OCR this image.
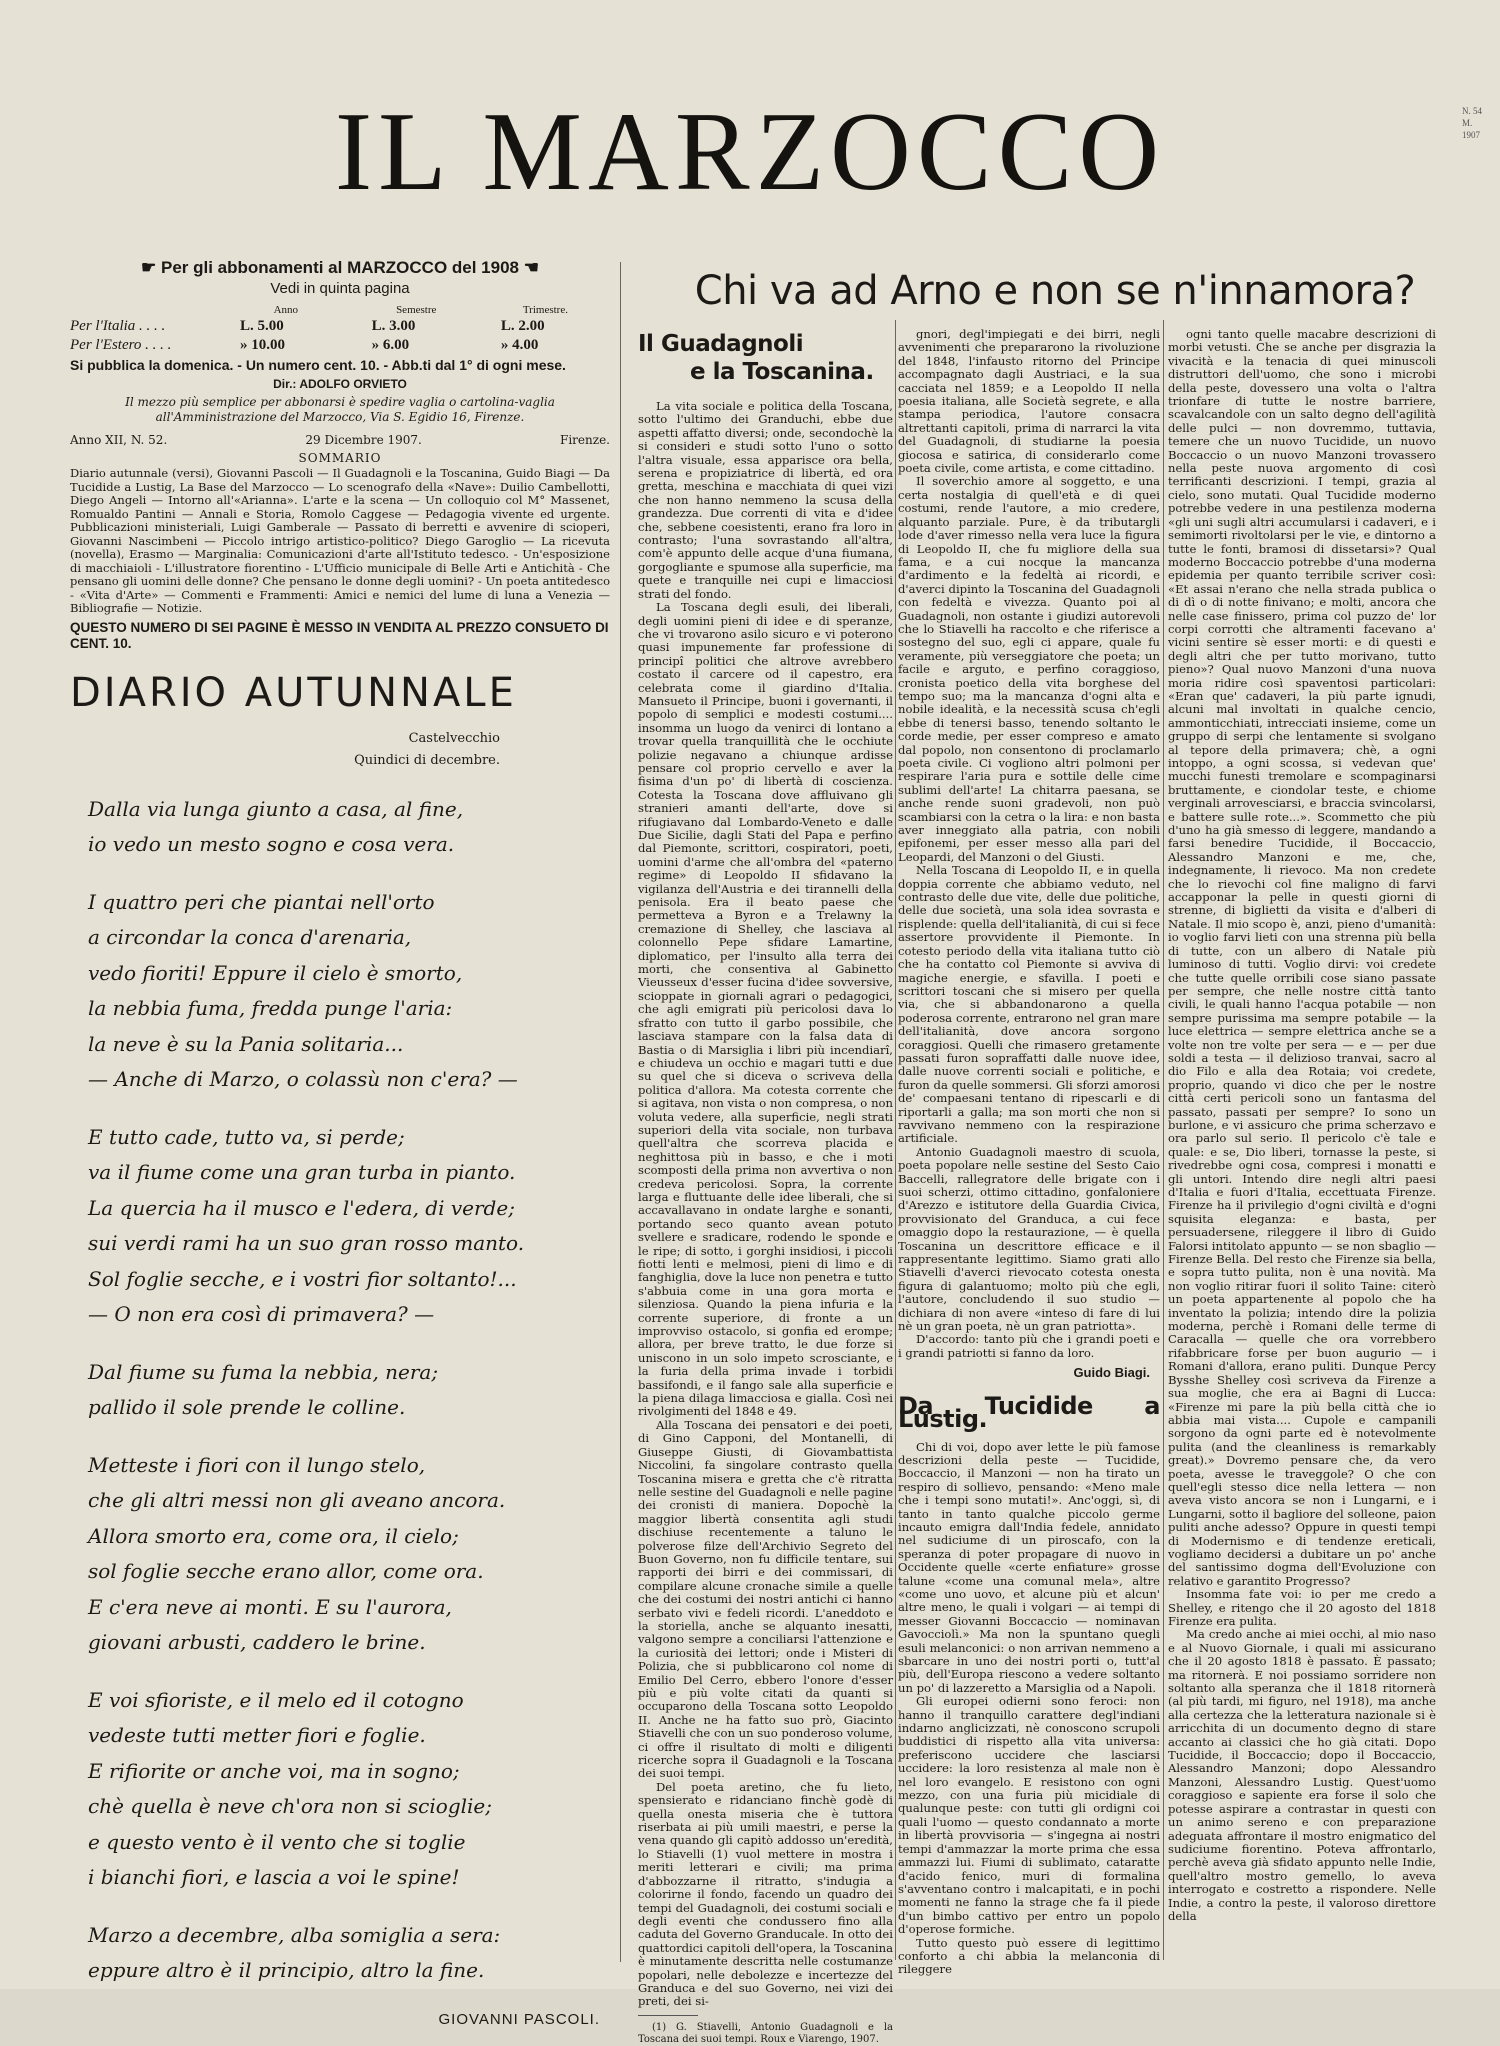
IL MARZOCCO	N. 54
M.
1907
☛ Per gli abbonamenti al MARZOCCO del 1908 ☚
Vedi in quinta pagina
	Anno	Semestre	Trimestre.
Per l'Italia . . . .	L. 5.00	L. 3.00	L. 2.00
Per l'Estero . . . .	» 10.00	» 6.00	» 4.00
Si pubblica la domenica. - Un numero cent. 10. - Abb.ti dal 1° di ogni mese.
Dir.: ADOLFO ORVIETO
Il mezzo più semplice per abbonarsi è spedire vaglia o cartolina-vaglia all'Amministrazione del Marzocco, Via S. Egidio 16, Firenze.
Anno XII, N. 52.	29 Dicembre 1907.	Firenze.
SOMMARIO
Diario autunnale (versi), Giovanni Pascoli — Il Guadagnoli e la Toscanina, Guido Biagi — Da Tucidide a Lustig, La Base del Marzocco — Lo scenografo della «Nave»: Duilio Cambellotti, Diego Angeli — Intorno all'«Arianna». L'arte e la scena — Un colloquio col M° Massenet, Romualdo Pantini — Annali e Storia, Romolo Caggese — Pedagogia vivente ed urgente. Pubblicazioni ministeriali, Luigi Gamberale — Passato di berretti e avvenire di scioperi, Giovanni Nascimbeni — Piccolo intrigo artistico-politico? Diego Garoglio — La ricevuta (novella), Erasmo — Marginalia: Comunicazioni d'arte all'Istituto tedesco. - Un'esposizione di macchiaioli - L'illustratore fiorentino - L'Ufficio municipale di Belle Arti e Antichità - Che pensano gli uomini delle donne? Che pensano le donne degli uomini? - Un poeta antitedesco - «Vita d'Arte» — Commenti e Frammenti: Amici e nemici del lume di luna a Venezia — Bibliografie — Notizie.
QUESTO NUMERO DI SEI PAGINE È MESSO IN VENDITA AL PREZZO CONSUETO DI CENT. 10.
DIARIO AUTUNNALE
Castelvecchio
Quindici di decembre.
Dalla via lunga giunto a casa, al fine,
io vedo un mesto sogno e cosa vera.
I quattro peri che piantai nell'orto
a circondar la conca d'arenaria,
vedo fioriti! Eppure il cielo è smorto,
la nebbia fuma, fredda punge l'aria:
la neve è su la Pania solitaria...
— Anche di Marzo, o colassù non c'era? —
E tutto cade, tutto va, si perde;
va il fiume come una gran turba in pianto.
La quercia ha il musco e l'edera, di verde;
sui verdi rami ha un suo gran rosso manto.
Sol foglie secche, e i vostri fior soltanto!...
— O non era così di primavera? —
Dal fiume su fuma la nebbia, nera;
pallido il sole prende le colline.
Metteste i fiori con il lungo stelo,
che gli altri messi non gli aveano ancora.
Allora smorto era, come ora, il cielo;
sol foglie secche erano allor, come ora.
E c'era neve ai monti. E su l'aurora,
giovani arbusti, caddero le brine.
E voi sfioriste, e il melo ed il cotogno
vedeste tutti metter fiori e foglie.
E rifiorite or anche voi, ma in sogno;
chè quella è neve ch'ora non si scioglie;
e questo vento è il vento che si toglie
i bianchi fiori, e lascia a voi le spine!
Marzo a decembre, alba somiglia a sera:
eppure altro è il principio, altro la fine.
GIOVANNI PASCOLI.
Chi va ad Arno e non se n'innamora?
Il Guadagnoli
e la Toscanina.

La vita sociale e politica della Toscana, sotto l'ultimo dei Granduchi, ebbe due aspetti affatto diversi; onde, secondochè la si consideri e studi sotto l'uno o sotto l'altra visuale, essa apparisce ora bella, serena e propiziatrice di libertà, ed ora gretta, meschina e macchiata di quei vizi che non hanno nemmeno la scusa della grandezza. Due correnti di vita e d'idee che, sebbene coesistenti, erano fra loro in contrasto; l'una sovrastando all'altra, com'è appunto delle acque d'una fiumana, gorgogliante e spumose alla superficie, ma quete e tranquille nei cupi e limacciosi strati del fondo.

La Toscana degli esuli, dei liberali, degli uomini pieni di idee e di speranze, che vi trovarono asilo sicuro e vi poterono quasi impunemente far professione di principî politici che altrove avrebbero costato il carcere od il capestro, era celebrata come il giardino d'Italia. Mansueto il Principe, buoni i governanti, il popolo di semplici e modesti costumi.... insomma un luogo da venirci di lontano a trovar quella tranquillità che le occhiute polizie negavano a chiunque ardisse pensare col proprio cervello e aver la fisima d'un po' di libertà di coscienza. Cotesta la Toscana dove affluivano gli stranieri amanti dell'arte, dove si rifugiavano dal Lombardo-Veneto e dalle Due Sicilie, dagli Stati del Papa e perfino dal Piemonte, scrittori, cospiratori, poeti, uomini d'arme che all'ombra del «paterno regime» di Leopoldo II sfidavano la vigilanza dell'Austria e dei tirannelli della penisola. Era il beato paese che permetteva a Byron e a Trelawny la cremazione di Shelley, che lasciava al colonnello Pepe sfidare Lamartine, diplomatico, per l'insulto alla terra dei morti, che consentiva al Gabinetto Vieusseux d'esser fucina d'idee sovversive, scioppate in giornali agrari o pedagogici, che agli emigrati più pericolosi dava lo sfratto con tutto il garbo possibile, che lasciava stampare con la falsa data di Bastia o di Marsiglia i libri più incendiarî, e chiudeva un occhio e magari tutti e due su quel che si diceva o scriveva della politica d'allora. Ma cotesta corrente che si agitava, non vista o non compresa, o non voluta vedere, alla superficie, negli strati superiori della vita sociale, non turbava quell'altra che scorreva placida e neghittosa più in basso, e che i moti scomposti della prima non avvertiva o non credeva pericolosi. Sopra, la corrente larga e fluttuante delle idee liberali, che si accavallavano in ondate larghe e sonanti, portando seco quanto avean potuto svellere e sradicare, rodendo le sponde e le ripe; di sotto, i gorghi insidiosi, i piccoli fiotti lenti e melmosi, pieni di limo e di fanghiglia, dove la luce non penetra e tutto s'abbuia come in una gora morta e silenziosa. Quando la piena infuria e la corrente superiore, di fronte a un improvviso ostacolo, si gonfia ed erompe; allora, per breve tratto, le due forze si uniscono in un solo impeto scrosciante, e la furia della prima invade i torbidi bassifondi, e il fango sale alla superficie e la piena dilaga limacciosa e gialla. Così nei rivolgimenti del 1848 e 49.

Alla Toscana dei pensatori e dei poeti, di Gino Capponi, del Montanelli, di Giuseppe Giusti, di Giovambattista Niccolini, fa singolare contrasto quella Toscanina misera e gretta che c'è ritratta nelle sestine del Guadagnoli e nelle pagine dei cronisti di maniera. Dopochè la maggior libertà consentita agli studi dischiuse recentemente a taluno le polverose filze dell'Archivio Segreto del Buon Governo, non fu difficile tentare, sui rapporti dei birri e dei commissari, di compilare alcune cronache simile a quelle che dei costumi dei nostri antichi ci hanno serbato vivi e fedeli ricordi. L'aneddoto e la storiella, anche se alquanto inesatti, valgono sempre a conciliarsi l'attenzione e la curiosità dei lettori; onde i Misteri di Polizia, che si pubblicarono col nome di Emilio Del Cerro, ebbero l'onore d'esser più e più volte citati da quanti si occuparono della Toscana sotto Leopoldo II. Anche ne ha fatto suo prò, Giacinto Stiavelli che con un suo ponderoso volume, ci offre il risultato di molti e diligenti ricerche sopra il Guadagnoli e la Toscana dei suoi tempi.

Del poeta aretino, che fu lieto, spensierato e ridanciano finchè godè di quella onesta miseria che è tuttora riserbata ai più umili maestri, e perse la vena quando gli capitò addosso un'eredità, lo Stiavelli (1) vuol mettere in mostra i meriti letterari e civili; ma prima d'abbozzarne il ritratto, s'indugia a colorirne il fondo, facendo un quadro dei tempi del Guadagnoli, dei costumi sociali e degli eventi che condussero fino alla caduta del Governo Granducale. In otto dei quattordici capitoli dell'opera, la Toscanina è minutamente descritta nelle costumanze popolari, nelle debolezze e incertezze del Granduca e del suo Governo, nei vizi dei preti, dei si-

(1) G. Stiavelli, Antonio Guadagnoli e la Toscana dei suoi tempi. Roux e Viarengo, 1907.

gnori, degl'impiegati e dei birri, negli avvenimenti che prepararono la rivoluzione del 1848, l'infausto ritorno del Principe accompagnato dagli Austriaci, e la sua cacciata nel 1859; e a Leopoldo II nella poesia italiana, alle Società segrete, e alla stampa periodica, l'autore consacra altrettanti capitoli, prima di narrarci la vita del Guadagnoli, di studiarne la poesia giocosa e satirica, di considerarlo come poeta civile, come artista, e come cittadino.

Il soverchio amore al soggetto, e una certa nostalgia di quell'età e di quei costumi, rende l'autore, a mio credere, alquanto parziale. Pure, è da tributargli lode d'aver rimesso nella vera luce la figura di Leopoldo II, che fu migliore della sua fama, e a cui nocque la mancanza d'ardimento e la fedeltà ai ricordi, e d'averci dipinto la Toscanina del Guadagnoli con fedeltà e vivezza. Quanto poi al Guadagnoli, non ostante i giudizi autorevoli che lo Stiavelli ha raccolto e che riferisce a sostegno del suo, egli ci appare, quale fu veramente, più verseggiatore che poeta; un facile e arguto, e perfino coraggioso, cronista poetico della vita borghese del tempo suo; ma la mancanza d'ogni alta e nobile idealità, e la necessità scusa ch'egli ebbe di tenersi basso, tenendo soltanto le corde medie, per esser compreso e amato dal popolo, non consentono di proclamarlo poeta civile. Ci vogliono altri polmoni per respirare l'aria pura e sottile delle cime sublimi dell'arte! La chitarra paesana, se anche rende suoni gradevoli, non può scambiarsi con la cetra o la lira: e non basta aver inneggiato alla patria, con nobili epifonemi, per esser messo alla pari del Leopardi, del Manzoni o del Giusti.

Nella Toscana di Leopoldo II, e in quella doppia corrente che abbiamo veduto, nel contrasto delle due vite, delle due politiche, delle due società, una sola idea sovrasta e risplende: quella dell'italianità, di cui si fece assertore provvidente il Piemonte. In cotesto periodo della vita italiana tutto ciò che ha contatto col Piemonte si avviva di magiche energie, e sfavilla. I poeti e scrittori toscani che si misero per quella via, che si abbandonarono a quella poderosa corrente, entrarono nel gran mare dell'italianità, dove ancora sorgono coraggiosi. Quelli che rimasero gretamente passati furon sopraffatti dalle nuove idee, dalle nuove correnti sociali e politiche, e furon da quelle sommersi. Gli sforzi amorosi de' compaesani tentano di ripescarli e di riportarli a galla; ma son morti che non si ravvivano nemmeno con la respirazione artificiale.

Antonio Guadagnoli maestro di scuola, poeta popolare nelle sestine del Sesto Caio Baccelli, rallegratore delle brigate con i suoi scherzi, ottimo cittadino, gonfaloniere d'Arezzo e istitutore della Guardia Civica, provvisionato del Granduca, a cui fece omaggio dopo la restaurazione, — è quella Toscanina un descrittore efficace e il rappresentante legittimo. Siamo grati allo Stiavelli d'averci rievocato cotesta onesta figura di galantuomo; molto più che egli, l'autore, concludendo il suo studio — dichiara di non avere «inteso di fare di lui nè un gran poeta, nè un gran patriotta».

D'accordo: tanto più che i grandi poeti e i grandi patriotti si fanno da loro.

Guido Biagi.
Da Tucidide a Lustig.

Chi di voi, dopo aver lette le più famose descrizioni della peste — Tucidide, Boccaccio, il Manzoni — non ha tirato un respiro di sollievo, pensando: «Meno male che i tempi sono mutati!». Anc'oggi, sì, di tanto in tanto qualche piccolo germe incauto emigra dall'India fedele, annidato nel sudiciume di un piroscafo, con la speranza di poter propagare di nuovo in Occidente quelle «certe enfiature» grosse talune «come una comunal mela», altre «come uno uovo, et alcune più et alcun' altre meno, le quali i volgari — ai tempi di messer Giovanni Boccaccio — nominavan Gavocciolì.» Ma non la spuntano quegli esuli melanconici: o non arrivan nemmeno a sbarcare in uno dei nostri porti o, tutt'al più, dell'Europa riescono a vedere soltanto un po' di lazzeretto a Marsiglia od a Napoli.

Gli europei odierni sono feroci: non hanno il tranquillo carattere degl'indiani indarno anglicizzati, nè conoscono scrupoli buddistici di rispetto alla vita universa: preferiscono uccidere che lasciarsi uccidere: la loro resistenza al male non è nel loro evangelo. E resistono con ogni mezzo, con una furia più micidiale di qualunque peste: con tutti gli ordigni coi quali l'uomo — questo condannato a morte in libertà provvisoria — s'ingegna ai nostri tempi d'ammazzar la morte prima che essa ammazzi lui. Fiumi di sublimato, cataratte d'acido fenico, muri di formalina s'avventano contro i malcapitati, e in pochi momenti ne fanno la strage che fa il piede d'un bimbo cattivo per entro un popolo d'operose formiche.

Tutto questo può essere di legittimo conforto a chi abbia la melanconia di rileggere

ogni tanto quelle macabre descrizioni di morbi vetusti. Che se anche per disgrazia la vivacità e la tenacia di quei minuscoli distruttori dell'uomo, che sono i microbi della peste, dovessero una volta o l'altra trionfare di tutte le nostre barriere, scavalcandole con un salto degno dell'agilità delle pulci — non dovremmo, tuttavia, temere che un nuovo Tucidide, un nuovo Boccaccio o un nuovo Manzoni trovassero nella peste nuova argomento di così terrificanti descrizioni. I tempi, grazia al cielo, sono mutati. Qual Tucidide moderno potrebbe vedere in una pestilenza moderna «gli uni sugli altri accumularsi i cadaveri, e i semimorti rivoltolarsi per le vie, e dintorno a tutte le fonti, bramosi di dissetarsi»? Qual moderno Boccaccio potrebbe d'una moderna epidemia per quanto terribile scriver così: «Et assai n'erano che nella strada publica o di dì o di notte finivano; e molti, ancora che nelle case finissero, prima col puzzo de' lor corpi corrotti che altramenti facevano a' vicini sentire sè esser morti: e di questi e degli altri che per tutto morivano, tutto pieno»? Qual nuovo Manzoni d'una nuova moria ridire così spaventosi particolari: «Eran que' cadaveri, la più parte ignudi, alcuni mal involtati in qualche cencio, ammonticchiati, intrecciati insieme, come un gruppo di serpi che lentamente si svolgano al tepore della primavera; chè, a ogni intoppo, a ogni scossa, si vedevan que' mucchi funesti tremolare e scompaginarsi bruttamente, e ciondolar teste, e chiome verginali arrovesciarsi, e braccia svincolarsi, e battere sulle rote...». Scommetto che più d'uno ha già smesso di leggere, mandando a farsi benedire Tucidide, il Boccaccio, Alessandro Manzoni e me, che, indegnamente, li rievoco. Ma non credete che lo rievochi col fine maligno di farvi accapponar la pelle in questi giorni di strenne, di biglietti da visita e d'alberi di Natale. Il mio scopo è, anzi, pieno d'umanità: io voglio farvi lieti con una strenna più bella di tutte, con un albero di Natale più luminoso di tutti. Voglio dirvi: voi credete che tutte quelle orribili cose siano passate per sempre, che nelle nostre città tanto civili, le quali hanno l'acqua potabile — non sempre purissima ma sempre potabile — la luce elettrica — sempre elettrica anche se a volte non tre volte per sera — e — per due soldi a testa — il delizioso tranvai, sacro al dio Filo e alla dea Rotaia; voi credete, proprio, quando vi dico che per le nostre città certi pericoli sono un fantasma del passato, passati per sempre? Io sono un burlone, e vi assicuro che prima scherzavo e ora parlo sul serio. Il pericolo c'è tale e quale: e se, Dio liberi, tornasse la peste, si rivedrebbe ogni cosa, compresi i monatti e gli untori. Intendo dire negli altri paesi d'Italia e fuori d'Italia, eccettuata Firenze. Firenze ha il privilegio d'ogni civiltà e d'ogni squisita eleganza: e basta, per persuadersene, rileggere il libro di Guido Falorsi intitolato appunto — se non sbaglio — Firenze Bella. Del resto che Firenze sia bella, e sopra tutto pulita, non è una novità. Ma non voglio ritirar fuori il solito Taine: citerò un poeta appartenente al popolo che ha inventato la polizia; intendo dire la polizia moderna, perchè i Romani delle terme di Caracalla — quelle che ora vorrebbero rifabbricare forse per buon augurio — i Romani d'allora, erano puliti. Dunque Percy Bysshe Shelley così scriveva da Firenze a sua moglie, che era ai Bagni di Lucca: «Firenze mi pare la più bella città che io abbia mai vista.... Cupole e campanili sorgono da ogni parte ed è notevolmente pulita (and the cleanliness is remarkably great).» Dovremo pensare che, da vero poeta, avesse le traveggole? O che con quell'egli stesso dice nella lettera — non aveva visto ancora se non i Lungarni, e i Lungarni, sotto il bagliore del solleone, paion puliti anche adesso? Oppure in questi tempi di Modernismo e di tendenze ereticali, vogliamo decidersi a dubitare un po' anche del santissimo dogma dell'Evoluzione con relativo e garantito Progresso?

Insomma fate voi: io per me credo a Shelley, e ritengo che il 20 agosto del 1818 Firenze era pulita.

Ma credo anche ai miei occhi, al mio naso e al Nuovo Giornale, i quali mi assicurano che il 20 agosto 1818 è passato. È passato; ma ritornerà. E noi possiamo sorridere non soltanto alla speranza che il 1818 ritornerà (al più tardi, mi figuro, nel 1918), ma anche alla certezza che la letteratura nazionale si è arricchita di un documento degno di stare accanto ai classici che ho già citati. Dopo Tucidide, il Boccaccio; dopo il Boccaccio, Alessandro Manzoni; dopo Alessandro Manzoni, Alessandro Lustig. Quest'uomo coraggioso e sapiente era forse il solo che potesse aspirare a contrastar in questi con un animo sereno e con preparazione adeguata affrontare il mostro enigmatico del sudiciume fiorentino. Poteva affrontarlo, perchè aveva già sfidato appunto nelle Indie, quell'altro mostro gemello, lo aveva interrogato e costretto a rispondere. Nelle Indie, a contro la peste, il valoroso direttore della
